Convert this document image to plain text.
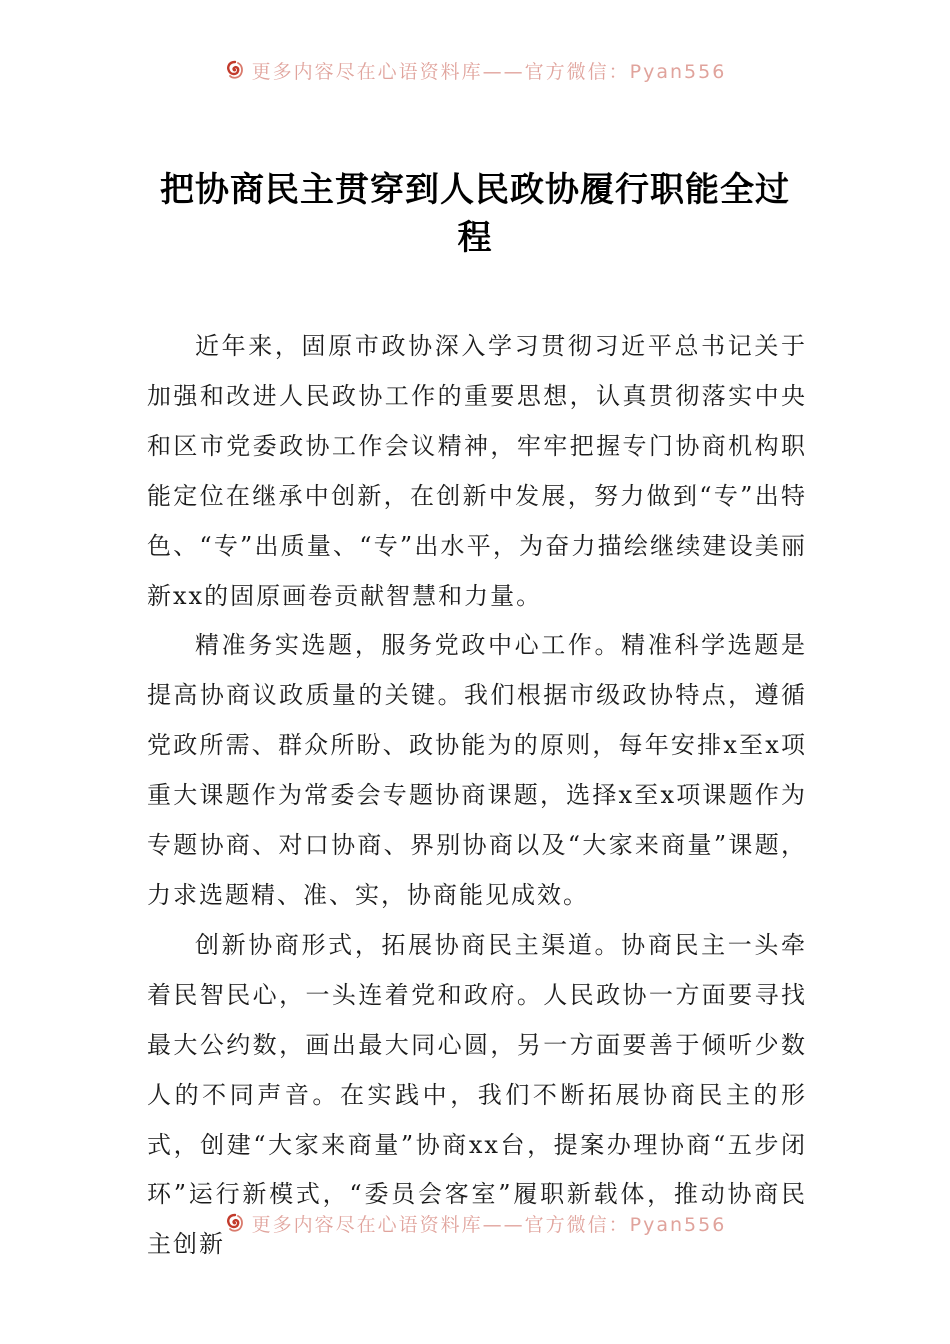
更多内容尽在心语资料库——官方微信：Pyan556
把协商民主贯穿到人民政协履行职能全过程

近年来，固原市政协深入学习贯彻习近平总书记关于加强和改进人民政协工作的重要思想，认真贯彻落实中央和区市党委政协工作会议精神，牢牢把握专门协商机构职能定位在继承中创新，在创新中发展，努力做到“专”出特色、“专”出质量、“专”出水平，为奋力描绘继续建设美丽新xx的固原画卷贡献智慧和力量。

精准务实选题，服务党政中心工作。精准科学选题是提高协商议政质量的关键。我们根据市级政协特点，遵循党政所需、群众所盼、政协能为的原则，每年安排x至x项重大课题作为常委会专题协商课题，选择x至x项课题作为专题协商、对口协商、界别协商以及“大家来商量”课题，力求选题精、准、实，协商能见成效。

创新协商形式，拓展协商民主渠道。协商民主一头牵着民智民心，一头连着党和政府。人民政协一方面要寻找最大公约数，画出最大同心圆，另一方面要善于倾听少数人的不同声音。在实践中，我们不断拓展协商民主的形式，创建“大家来商量”协商xx台，提案办理协商“五步闭环”运行新模式，“委员会客室”履职新载体，推动协商民主创新

更多内容尽在心语资料库——官方微信：Pyan556
